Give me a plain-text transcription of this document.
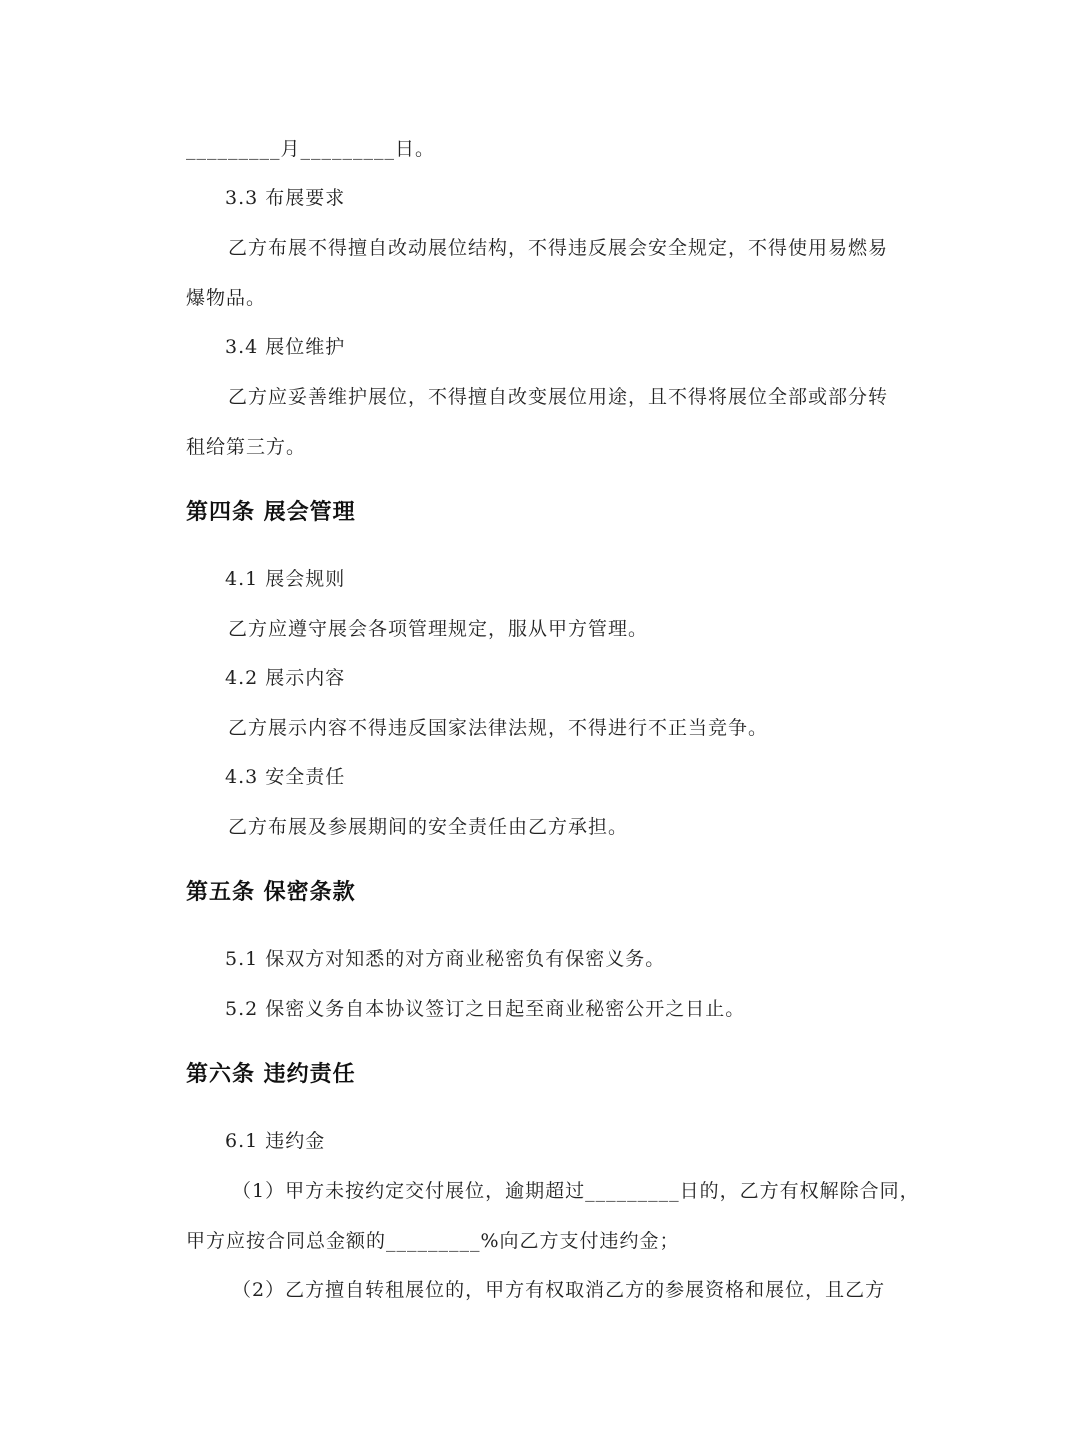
_________月_________日。
3.3 布展要求
乙方布展不得擅自改动展位结构，不得违反展会安全规定，不得使用易燃易
爆物品。
3.4 展位维护
乙方应妥善维护展位，不得擅自改变展位用途，且不得将展位全部或部分转
租给第三方。
第四条 展会管理
4.1 展会规则
乙方应遵守展会各项管理规定，服从甲方管理。
4.2 展示内容
乙方展示内容不得违反国家法律法规，不得进行不正当竞争。
4.3 安全责任
乙方布展及参展期间的安全责任由乙方承担。
第五条 保密条款
5.1 保双方对知悉的对方商业秘密负有保密义务。
5.2 保密义务自本协议签订之日起至商业秘密公开之日止。
第六条 违约责任
6.1 违约金
（1）甲方未按约定交付展位，逾期超过_________日的，乙方有权解除合同，
甲方应按合同总金额的_________%向乙方支付违约金；
（2）乙方擅自转租展位的，甲方有权取消乙方的参展资格和展位，且乙方
